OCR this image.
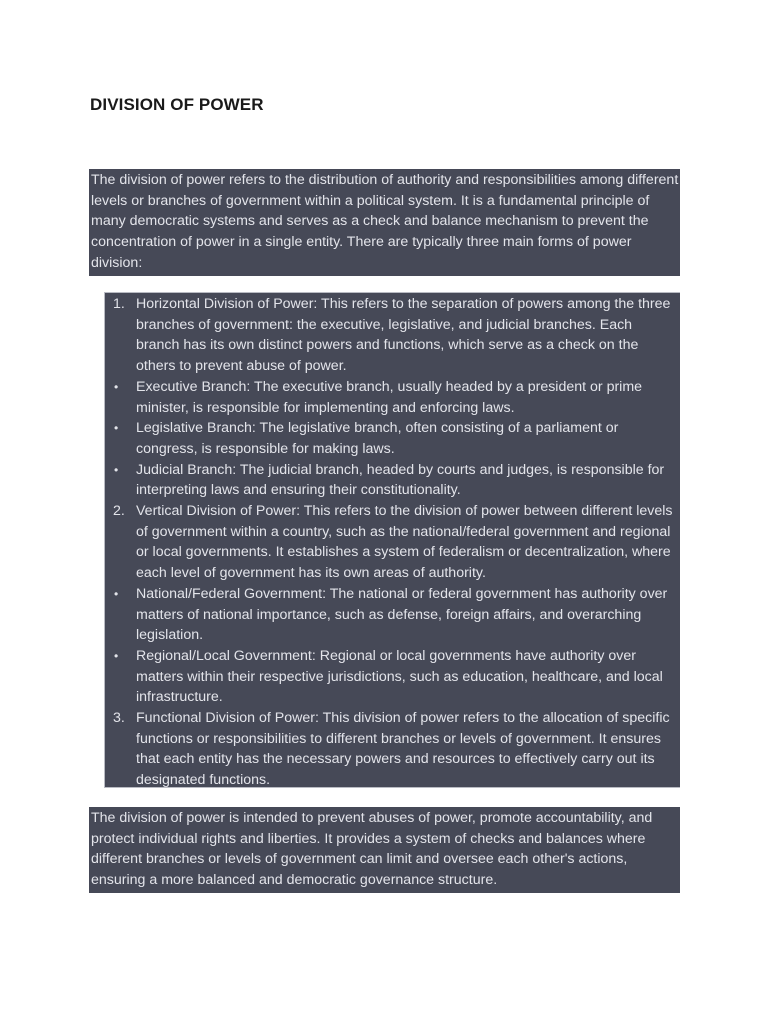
DIVISION OF POWER

The division of power refers to the distribution of authority and responsibilities among different levels or branches of government within a political system. It is a fundamental principle of many democratic systems and serves as a check and balance mechanism to prevent the concentration of power in a single entity. There are typically three main forms of power division:

1. Horizontal Division of Power: This refers to the separation of powers among the three branches of government: the executive, legislative, and judicial branches. Each branch has its own distinct powers and functions, which serve as a check on the others to prevent abuse of power.
• Executive Branch: The executive branch, usually headed by a president or prime minister, is responsible for implementing and enforcing laws.
• Legislative Branch: The legislative branch, often consisting of a parliament or congress, is responsible for making laws.
• Judicial Branch: The judicial branch, headed by courts and judges, is responsible for interpreting laws and ensuring their constitutionality.
2. Vertical Division of Power: This refers to the division of power between different levels of government within a country, such as the national/federal government and regional or local governments. It establishes a system of federalism or decentralization, where each level of government has its own areas of authority.
• National/Federal Government: The national or federal government has authority over matters of national importance, such as defense, foreign affairs, and overarching legislation.
• Regional/Local Government: Regional or local governments have authority over matters within their respective jurisdictions, such as education, healthcare, and local infrastructure.
3. Functional Division of Power: This division of power refers to the allocation of specific functions or responsibilities to different branches or levels of government. It ensures that each entity has the necessary powers and resources to effectively carry out its designated functions.

The division of power is intended to prevent abuses of power, promote accountability, and protect individual rights and liberties. It provides a system of checks and balances where different branches or levels of government can limit and oversee each other's actions, ensuring a more balanced and democratic governance structure.
